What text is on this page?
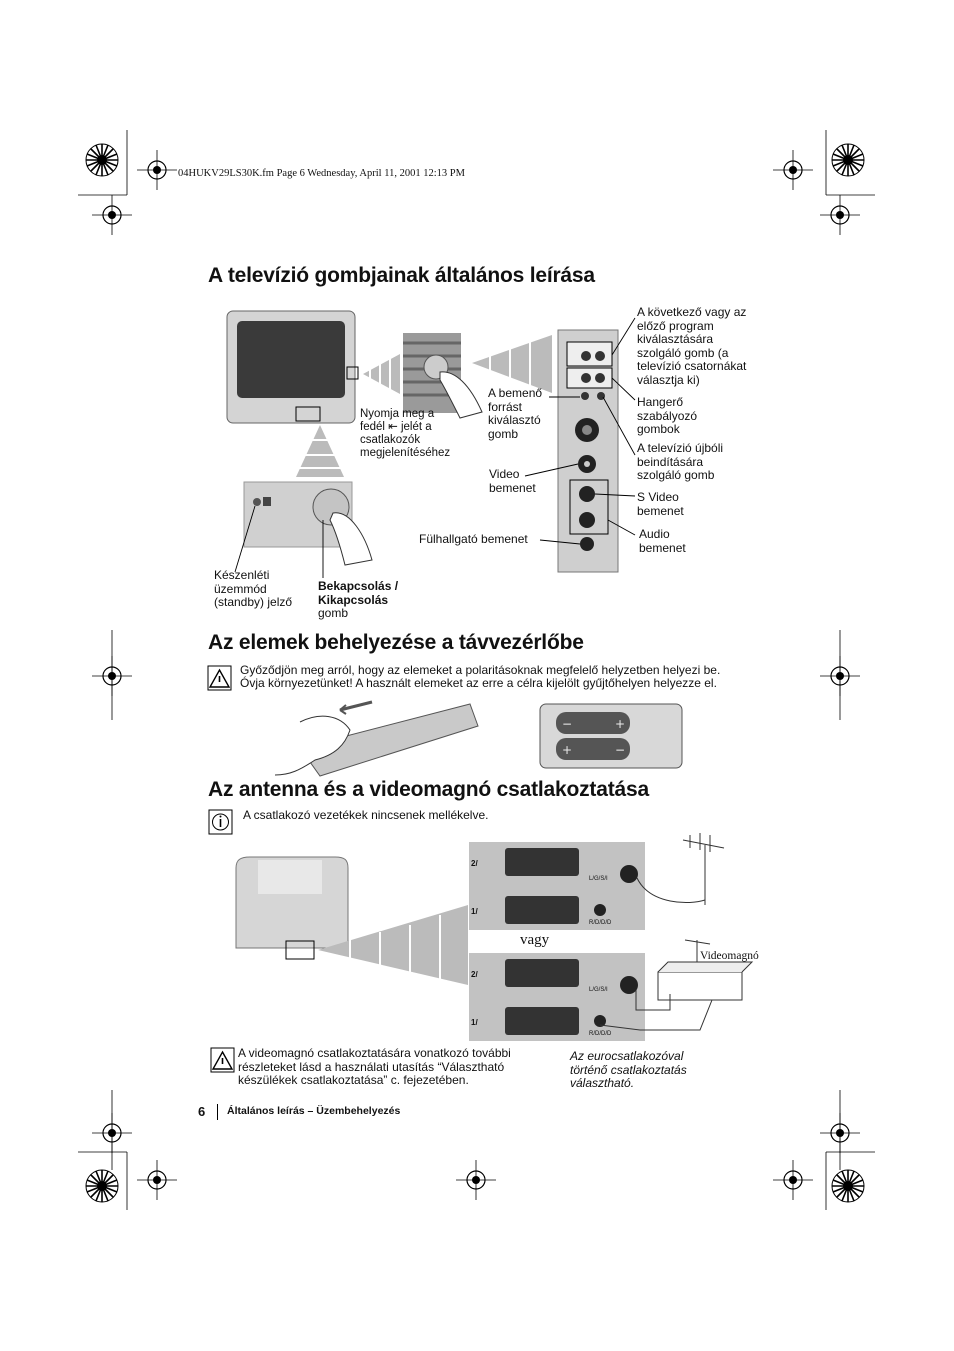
04HUKV29LS30K.fm Page 6 Wednesday, April 11, 2001 12:13 PM
A televízió gombjainak általános leírása
Nyomja meg a
fedél ⇤ jelét a
csatlakozók
megjelenítéséhez
A következő vagy az
előző program
kiválasztására
szolgáló gomb (a
televízió csatornákat
választja ki)
A bemenő
forrást
kiválasztó
gomb
Hangerő
szabályozó
gombok
A televízió újbóli
beindítására
szolgáló gomb
Video
bemenet
S Video
bemenet
Fülhallgató bemenet	Audio
bemenet
Készenléti
üzemmód
(standby) jelző
Bekapcsolás /
Kikapcsolás
gomb
Az elemek behelyezése a távvezérlőbe
−	+
+	−
Győződjön meg arról, hogy az elemeket a polaritásoknak megfelelő helyzetben helyezi be.
Óvja környezetünket! A használt elemeket az erre a célra kijelölt gyűjtőhelyen helyezze el.
Az antenna és a videomagnó csatlakoztatása
A csatlakozó vezetékek nincsenek mellékelve.
vagy
Videomagnó
2/
1/
L/G/S/I
R/D/D/D
2/
1/
L/G/S/I
R/D/D/D
A videomagnó csatlakoztatására vonatkozó további
részleteket lásd a használati utasítás “Választható
készülékek csatlakoztatása” c. fejezetében.
Az eurocsatlakozóval
történő csatlakoztatás
választható.
6 Általános leírás – Üzembehelyezés
